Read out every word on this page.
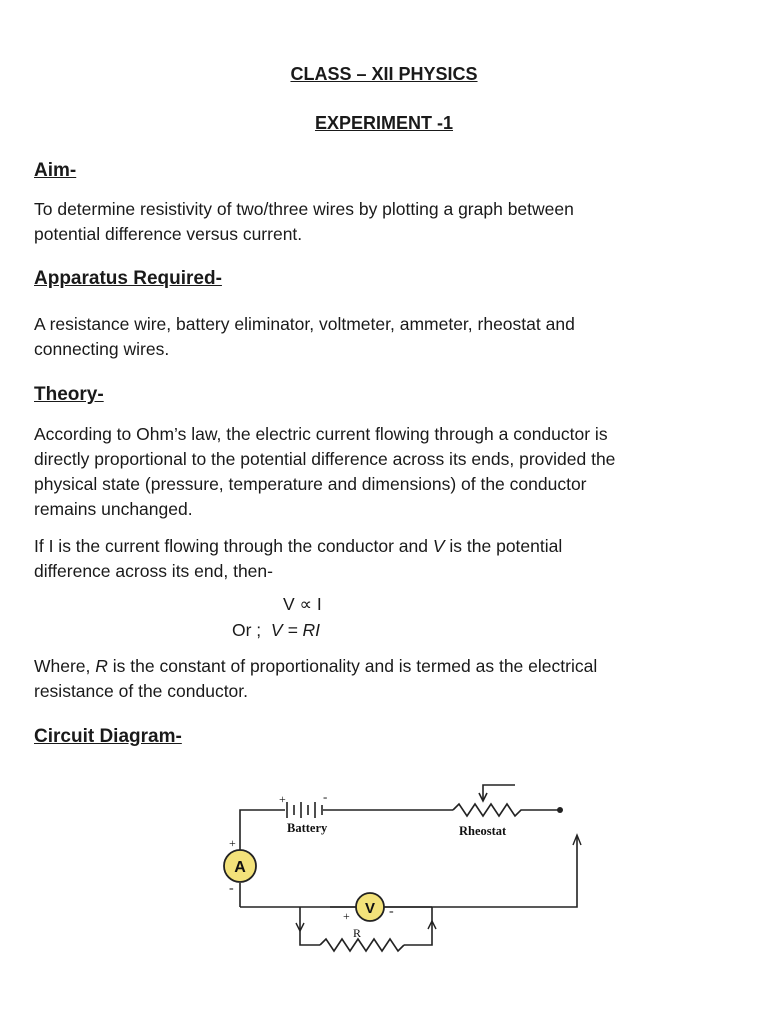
CLASS – XII PHYSICS
EXPERIMENT -1
Aim-
To determine resistivity of two/three wires by plotting a graph between
potential difference versus current.
Apparatus Required-
A resistance wire, battery eliminator, voltmeter, ammeter, rheostat and
connecting wires.
Theory-
According to Ohm’s law, the electric current flowing through a conductor is
directly proportional to the potential difference across its ends, provided the
physical state (pressure, temperature and dimensions) of the conductor
remains unchanged.
If I is the current flowing through the conductor and V is the potential
difference across its end, then-
V ∝ I
Or ; V = RI
Where, R is the constant of proportionality and is termed as the electrical
resistance of the conductor.
Circuit Diagram-
A
+
-
V
+	-
+	-
Battery	Rheostat
R
